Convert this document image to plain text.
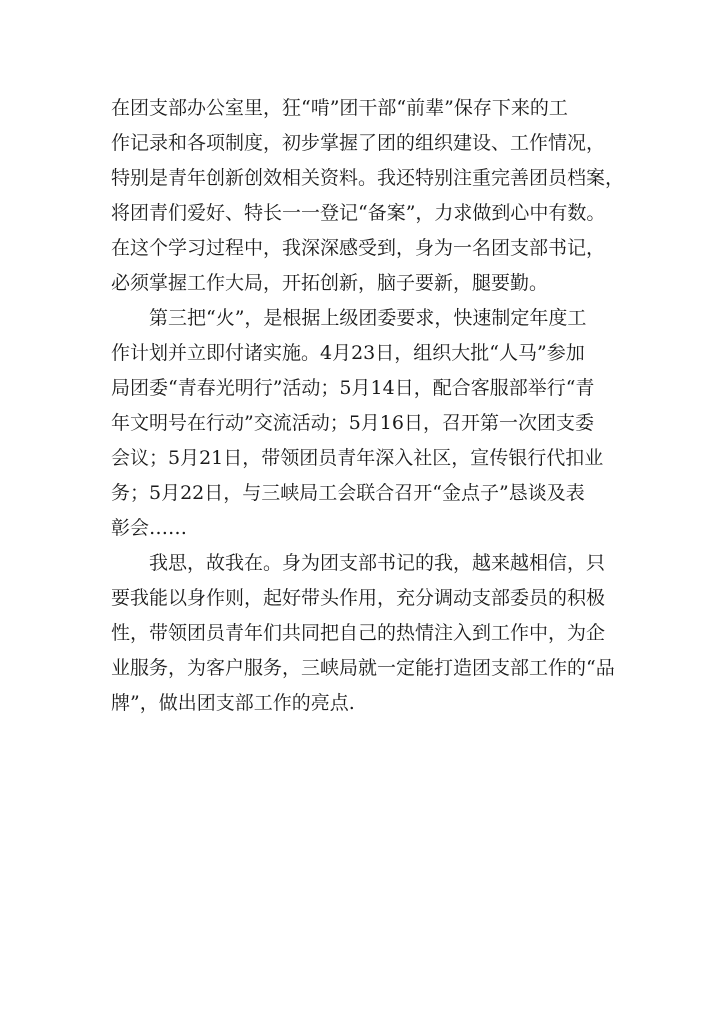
在团支部办公室里，狂“啃”团干部“前辈”保存下来的工
作记录和各项制度，初步掌握了团的组织建设、工作情况，
特别是青年创新创效相关资料。我还特别注重完善团员档案，
将团青们爱好、特长一一登记“备案”，力求做到心中有数。
在这个学习过程中，我深深感受到，身为一名团支部书记，
必须掌握工作大局，开拓创新，脑子要新，腿要勤。
第三把“火”，是根据上级团委要求，快速制定年度工
作计划并立即付诸实施。4月23日，组织大批“人马”参加
局团委“青春光明行”活动；5月14日，配合客服部举行“青
年文明号在行动”交流活动；5月16日，召开第一次团支委
会议；5月21日，带领团员青年深入社区，宣传银行代扣业
务；5月22日，与三峡局工会联合召开“金点子”恳谈及表
彰会……
我思，故我在。身为团支部书记的我，越来越相信，只
要我能以身作则，起好带头作用，充分调动支部委员的积极
性，带领团员青年们共同把自己的热情注入到工作中，为企
业服务，为客户服务，三峡局就一定能打造团支部工作的“品
牌”，做出团支部工作的亮点.
